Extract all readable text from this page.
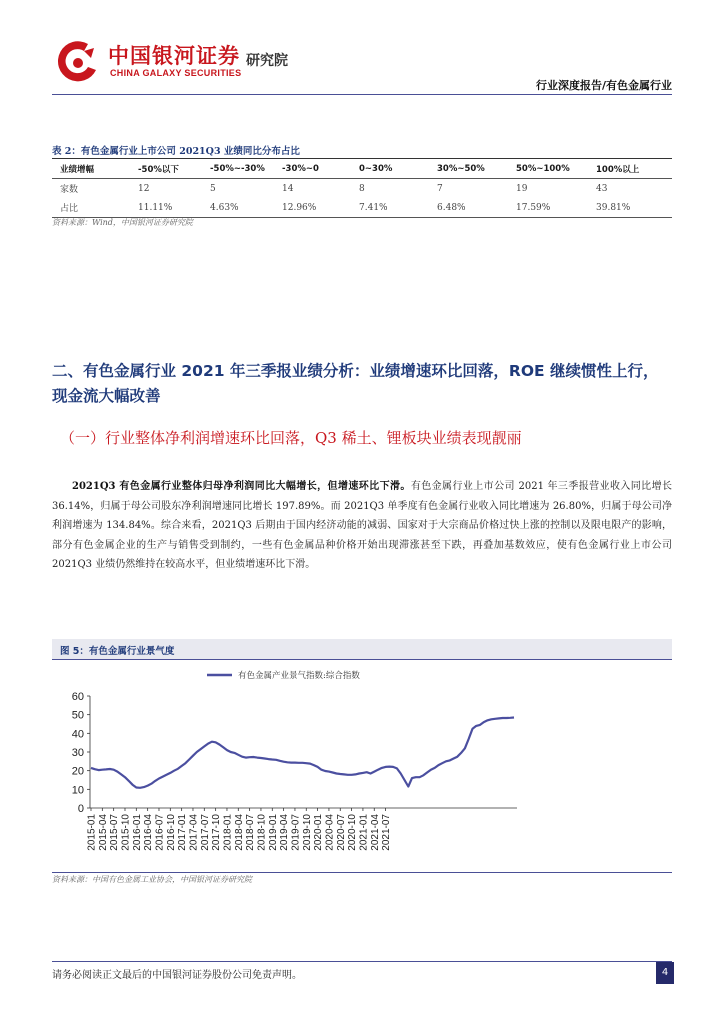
中国银河证券
CHINA GALAXY SECURITIES
研究院
行业深度报告/有色金属行业
表 2：有色金属行业上市公司 2021Q3 业绩同比分布占比
业绩增幅	-50%以下	-50%~-30%	-30%~0	0~30%	30%~50%	50%~100%	100%以上
家数	12	5	14	8	7	19	43
占比	11.11%	4.63%	12.96%	7.41%	6.48%	17.59%	39.81%
资料来源：Wind，中国银河证券研究院
二、有色金属行业 2021 年三季报业绩分析：业绩增速环比回落，ROE 继续惯性上行，现金流大幅改善
（一）行业整体净利润增速环比回落，Q3 稀土、锂板块业绩表现靓丽
2021Q3 有色金属行业整体归母净利润同比大幅增长，但增速环比下滑。有色金属行业上市公司 2021 年三季报营业收入同比增长 36.14%，归属于母公司股东净利润增速同比增长 197.89%。而 2021Q3 单季度有色金属行业收入同比增速为 26.80%，归属于母公司净利润增速为 134.84%。综合来看，2021Q3 后期由于国内经济动能的减弱、国家对于大宗商品价格过快上涨的控制以及限电限产的影响，部分有色金属企业的生产与销售受到制约，一些有色金属品种价格开始出现滞涨甚至下跌，再叠加基数效应，使有色金属行业上市公司 2021Q3 业绩仍然维持在较高水平，但业绩增速环比下滑。
图 5：有色金属行业景气度
0
10
20
30
40
50
60
2015-01 2015-04 2015-07 2015-10 2016-01 2016-04 2016-07 2016-10 2017-01 2017-04 2017-07 2017-10 2018-01 2018-04 2018-07 2018-10 2019-01 2019-04 2019-07 2019-10 2020-01 2020-04 2020-07 2020-10 2021-01 2021-04 2021-07
有色金属产业景气指数:综合指数
资料来源：中国有色金属工业协会，中国银河证券研究院
请务必阅读正文最后的中国银河证券股份公司免责声明。	4
